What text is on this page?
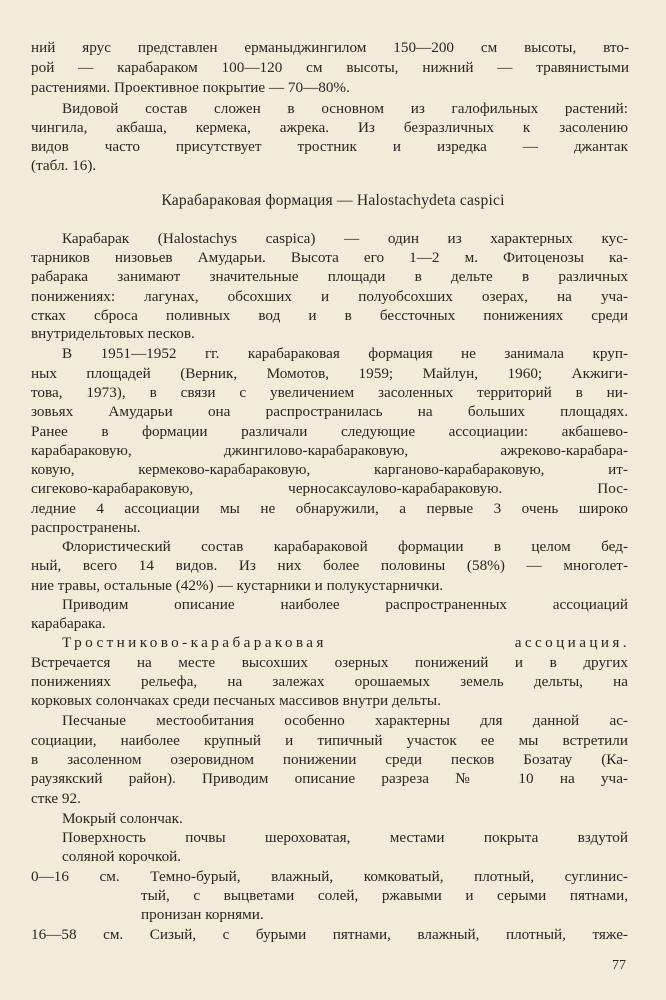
ний ярус представлен ерманыджингилом 150—200 см высоты, вто-
рой — карабараком 100—120 см высоты, нижний — травянистыми
растениями. Проективное покрытие — 70—80%.
Видовой состав сложен в основном из галофильных растений:
чингила, акбаша, кермека, ажрека. Из безразличных к засолению
видов часто присутствует тростник и изредка — джантак
(табл. 16).
Карабараковая формация — Halostachydeta caspici
Карабарак (Halostachys caspica) — один из характерных кус-
тарников низовьев Амударьи. Высота его 1—2 м. Фитоценозы ка-
рабарака занимают значительные площади в дельте в различных
понижениях: лагунах, обсохших и полуобсохших озерах, на уча-
стках сброса поливных вод и в бессточных понижениях среди
внутридельтовых песков.
В 1951—1952 гг. карабараковая формация не занимала круп-
ных площадей (Верник, Момотов, 1959; Майлун, 1960; Акжиги-
това, 1973), в связи с увеличением засоленных территорий в ни-
зовьях Амударьи она распространилась на больших площадях.
Ранее в формации различали следующие ассоциации: акбашево-
карабараковую, джингилово-карабараковую, ажреково-карабара-
ковую, кермеково-карабараковую, карганово-карабараковую, ит-
сигеково-карабараковую, черносаксаулово-карабараковую. Пос-
ледние 4 ассоциации мы не обнаружили, а первые 3 очень широко
распространены.
Флористический состав карабараковой формации в целом бед-
ный, всего 14 видов. Из них более половины (58%) — многолет-
ние травы, остальные (42%) — кустарники и полукустарнички.
Приводим описание наиболее распространенных ассоциаций
карабарака.
Тростниково-карабараковая ассоциация.
Встречается на месте высохших озерных понижений и в других
понижениях рельефа, на залежах орошаемых земель дельты, на
корковых солончаках среди песчаных массивов внутри дельты.
Песчаные местообитания особенно характерны для данной ас-
социации, наиболее крупный и типичный участок ее мы встретили
в засоленном озеровидном понижении среди песков Бозатау (Ка-
раузякский район). Приводим описание разреза № 10 на уча-
стке 92.
Мокрый солончак.
Поверхность почвы шероховатая, местами покрыта вздутой
соляной корочкой.
0—16 см. Темно-бурый, влажный, комковатый, плотный, суглинис-
тый, с выцветами солей, ржавыми и серыми пятнами,
пронизан корнями.
16—58 см. Сизый, с бурыми пятнами, влажный, плотный, тяже-
77
